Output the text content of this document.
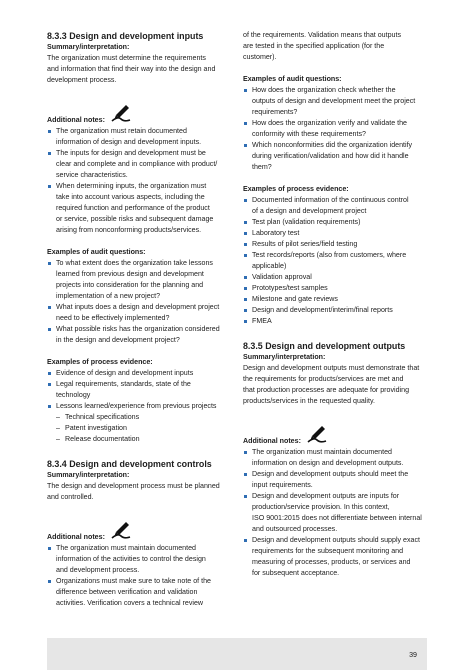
8.3.3 Design and development inputs
Summary/interpretation:
The organization must determine the requirements
and information that find their way into the design and
development process.
Additional notes:
The organization must retain documented
information of design and development inputs.
The inputs for design and development must be
clear and complete and in compliance with product/
service characteristics.
When determining inputs, the organization must
take into account various aspects, including the
required function and performance of the product
or service, possible risks and subsequent damage
arising from nonconforming products/services.
Examples of audit questions:
To what extent does the organization take lessons
learned from previous design and development
projects into consideration for the planning and
implementation of a new project?
What inputs does a design and development project
need to be effectively implemented?
What possible risks has the organization considered
in the design and development project?
Examples of process evidence:
Evidence of design and development inputs
Legal requirements, standards, state of the
technology
Lessons learned/experience from previous projects
– Technical specifications
– Patent investigation
– Release documentation
8.3.4 Design and development controls
Summary/interpretation:
The design and development process must be planned
and controlled.
Additional notes:
The organization must maintain documented
information of the activities to control the design
and development process.
Organizations must make sure to take note of the
difference between verification and validation
activities. Verification covers a technical review
of the requirements. Validation means that outputs
are tested in the specified application (for the
customer).
Examples of audit questions:
How does the organization check whether the
outputs of design and development meet the project
requirements?
How does the organization verify and validate the
conformity with these requirements?
Which nonconformities did the organization identify
during verification/validation and how did it handle
them?
Examples of process evidence:
Documented information of the continuous control
of a design and development project
Test plan (validation requirements)
Laboratory test
Results of pilot series/field testing
Test records/reports (also from customers, where
applicable)
Validation approval
Prototypes/test samples
Milestone and gate reviews
Design and development/interim/final reports
FMEA
8.3.5 Design and development outputs
Summary/interpretation:
Design and development outputs must demonstrate that
the requirements for products/services are met and
that production processes are adequate for providing
products/services in the requested quality.
Additional notes:
The organization must maintain documented
information on design and development outputs.
Design and development outputs should meet the
input requirements.
Design and development outputs are inputs for
production/service provision. In this context,
ISO 9001:2015 does not differentiate between internal
and outsourced processes.
Design and development outputs should supply exact
requirements for the subsequent monitoring and
measuring of processes, products, or services and
for subsequent acceptance.
39
